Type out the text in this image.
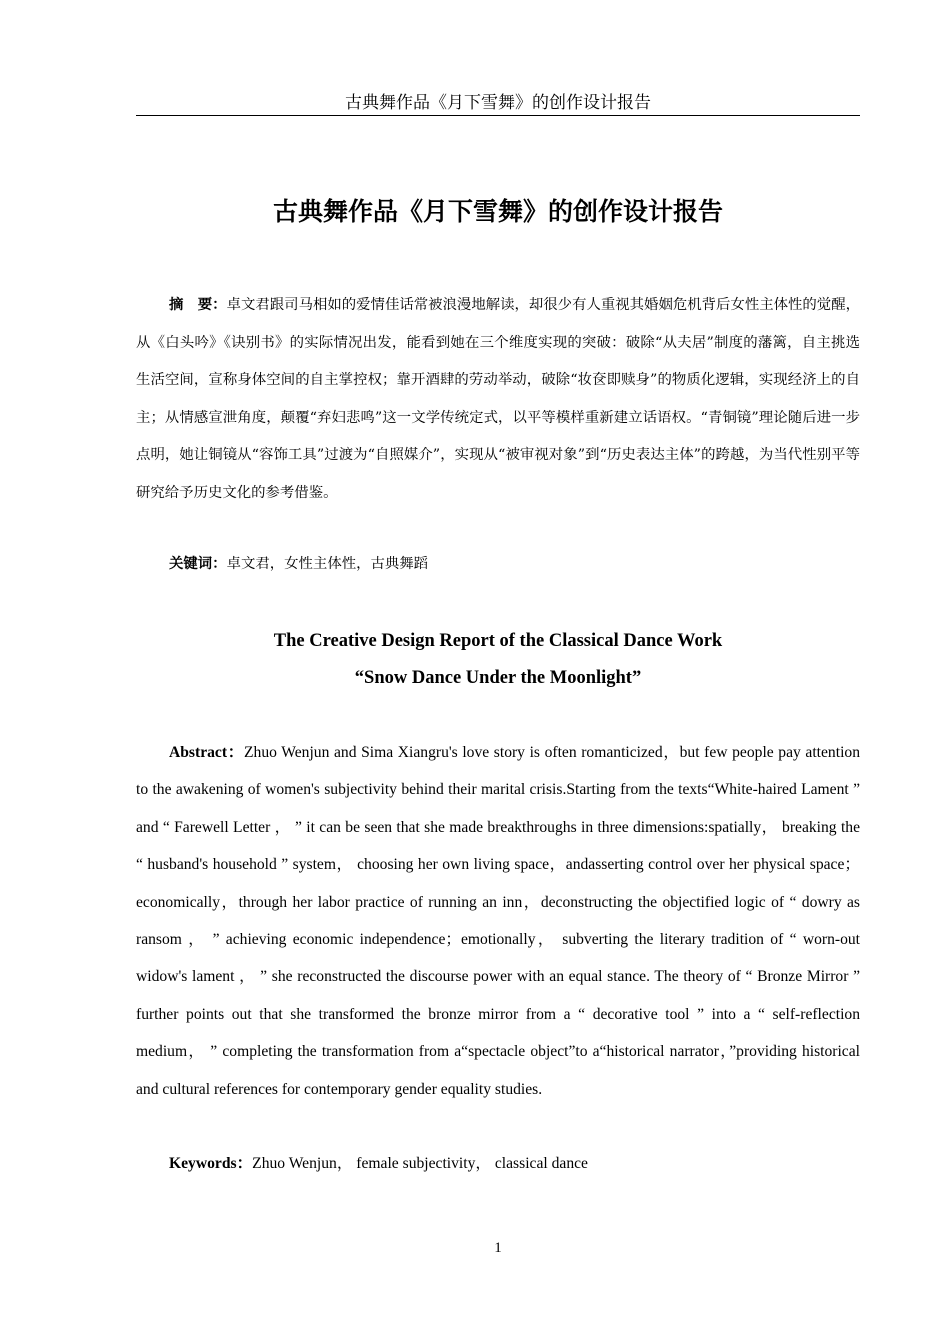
古典舞作品《月下雪舞》的创作设计报告
古典舞作品《月下雪舞》的创作设计报告
摘　要：卓文君跟司马相如的爱情佳话常被浪漫地解读，却很少有人重视其婚姻危机背后女性主体性的觉醒，从《白头吟》《诀别书》的实际情况出发，能看到她在三个维度实现的突破：破除“从夫居”制度的藩篱，自主挑选生活空间，宣称身体空间的自主掌控权；靠开酒肆的劳动举动，破除“妆奁即赎身”的物质化逻辑，实现经济上的自主；从情感宣泄角度，颠覆“弃妇悲鸣”这一文学传统定式，以平等模样重新建立话语权。“青铜镜”理论随后进一步点明，她让铜镜从“容饰工具”过渡为“自照媒介”，实现从“被审视对象”到“历史表达主体”的跨越，为当代性别平等研究给予历史文化的参考借鉴。
关键词：卓文君，女性主体性，古典舞蹈
The Creative Design Report of the Classical Dance Work
“Snow Dance Under the Moonlight”
Abstract：Zhuo Wenjun and Sima Xiangru's love story is often romanticized，but few people pay attention to the awakening of women's subjectivity behind their marital crisis.Starting from the texts“White-haired Lament ” and “ Farewell Letter ， ” it can be seen that she made breakthroughs in three dimensions:spatially， breaking the “ husband's household ” system， choosing her own living space，andasserting control over her physical space；economically，through her labor practice of running an inn，deconstructing the objectified logic of “ dowry as ransom ， ” achieving economic independence；emotionally， subverting the literary tradition of “ worn-out widow's lament ， ” she reconstructed the discourse power with an equal stance. The theory of “ Bronze Mirror ” further points out that she transformed the bronze mirror from a “ decorative tool ” into a “ self-reflection medium， ” completing the transformation from a“spectacle object”to a“historical narrator，”providing historical and cultural references for contemporary gender equality studies.
Keywords：Zhuo Wenjun， female subjectivity， classical dance
1
